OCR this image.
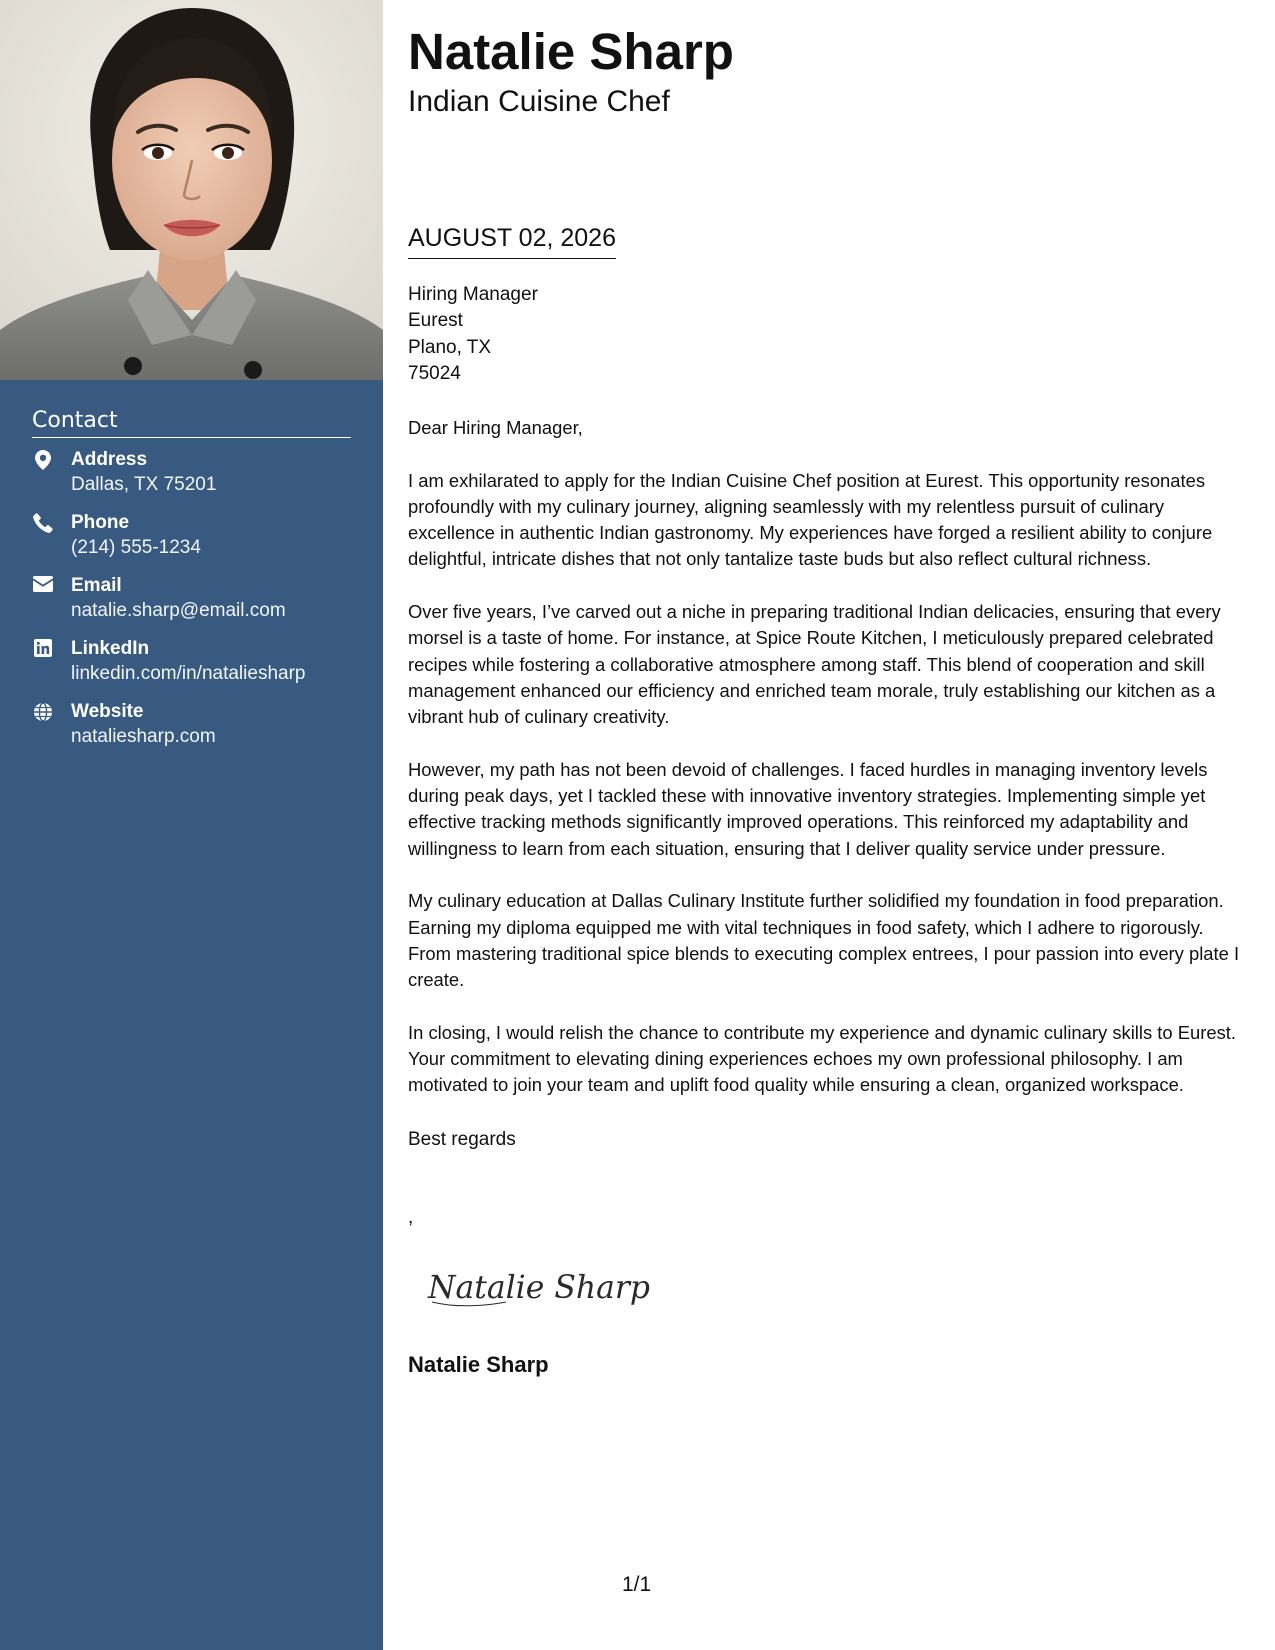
Contact
Address
Dallas, TX 75201
Phone
(214) 555-1234
Email
natalie.sharp@email.com
LinkedIn
linkedin.com/in/nataliesharp
Website
nataliesharp.com
Natalie Sharp
Indian Cuisine Chef
AUGUST 02, 2026
Hiring Manager
Eurest
Plano, TX
75024

Dear Hiring Manager,

I am exhilarated to apply for the Indian Cuisine Chef position at Eurest. This opportunity resonates profoundly with my culinary journey, aligning seamlessly with my relentless pursuit of culinary excellence in authentic Indian gastronomy. My experiences have forged a resilient ability to conjure delightful, intricate dishes that not only tantalize taste buds but also reflect cultural richness.

Over five years, I’ve carved out a niche in preparing traditional Indian delicacies, ensuring that every morsel is a taste of home. For instance, at Spice Route Kitchen, I meticulously prepared celebrated recipes while fostering a collaborative atmosphere among staff. This blend of cooperation and skill management enhanced our efficiency and enriched team morale, truly establishing our kitchen as a vibrant hub of culinary creativity.

However, my path has not been devoid of challenges. I faced hurdles in managing inventory levels during peak days, yet I tackled these with innovative inventory strategies. Implementing simple yet effective tracking methods significantly improved operations. This reinforced my adaptability and willingness to learn from each situation, ensuring that I deliver quality service under pressure.

My culinary education at Dallas Culinary Institute further solidified my foundation in food preparation. Earning my diploma equipped me with vital techniques in food safety, which I adhere to rigorously. From mastering traditional spice blends to executing complex entrees, I pour passion into every plate I create.

In closing, I would relish the chance to contribute my experience and dynamic culinary skills to Eurest. Your commitment to elevating dining experiences echoes my own professional philosophy. I am motivated to join your team and uplift food quality while ensuring a clean, organized workspace.

Best regards
,
Natalie Sharp
Natalie Sharp
1/1
